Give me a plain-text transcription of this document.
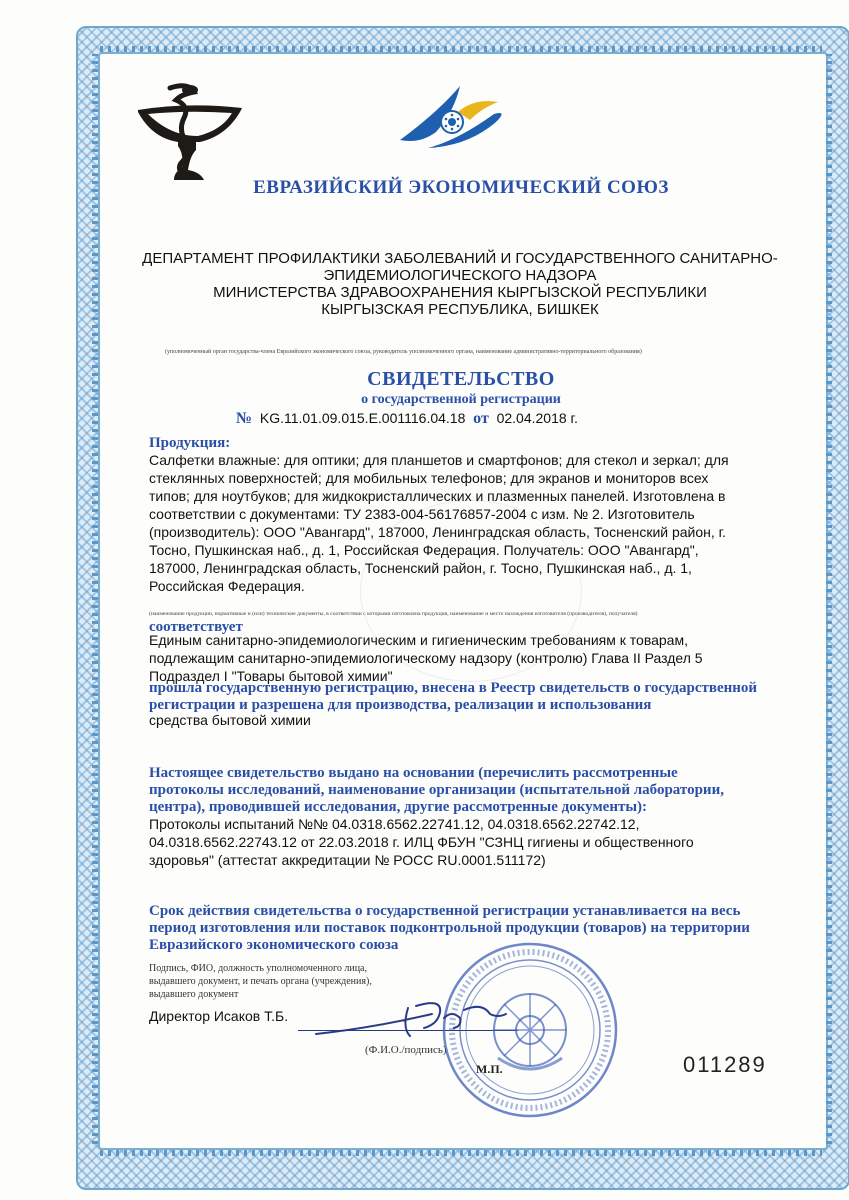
ЕВРАЗИЙСКИЙ ЭКОНОМИЧЕСКИЙ СОЮЗ
ДЕПАРТАМЕНТ ПРОФИЛАКТИКИ ЗАБОЛЕВАНИЙ И ГОСУДАРСТВЕННОГО САНИТАРНО-
ЭПИДЕМИОЛОГИЧЕСКОГО НАДЗОРА
МИНИСТЕРСТВА ЗДРАВООХРАНЕНИЯ КЫРГЫЗСКОЙ РЕСПУБЛИКИ
КЫРГЫЗСКАЯ РЕСПУБЛИКА, БИШКЕК
(уполномоченный орган государства-члена Евразийского экономического союза, руководитель уполномоченного органа, наименование административно-территориального образования)
СВИДЕТЕЛЬСТВО
о государственной регистрации
№ KG.11.01.09.015.Е.001116.04.18 от 02.04.2018 г.
Продукция:
Салфетки влажные: для оптики; для планшетов и смартфонов; для стекол и зеркал; для
стеклянных поверхностей; для мобильных телефонов; для экранов и мониторов всех
типов; для ноутбуков; для жидкокристаллических и плазменных панелей. Изготовлена в
соответствии с документами: ТУ 2383-004-56176857-2004 с изм. № 2. Изготовитель
(производитель): ООО "Авангард", 187000, Ленинградская область, Тосненский район, г.
Тосно, Пушкинская наб., д. 1, Российская Федерация. Получатель: ООО "Авангард",
187000, Ленинградская область, Тосненский район, г. Тосно, Пушкинская наб., д. 1,
Российская Федерация.
(наименование продукции, нормативные и (или) технические документы, в соответствии с которыми изготовлена продукция, наименование и место нахождения изготовителя (производителя), получателя)
соответствует
Единым санитарно-эпидемиологическим и гигиеническим требованиям к товарам,
подлежащим санитарно-эпидемиологическому надзору (контролю) Глава II Раздел 5
Подраздел I "Товары бытовой химии"
прошла государственную регистрацию, внесена в Реестр свидетельств о государственной
регистрации и разрешена для производства, реализации и использования
средства бытовой химии
Настоящее свидетельство выдано на основании (перечислить рассмотренные
протоколы исследований, наименование организации (испытательной лаборатории,
центра), проводившей исследования, другие рассмотренные документы):
Протоколы испытаний №№ 04.0318.6562.22741.12, 04.0318.6562.22742.12,
04.0318.6562.22743.12 от 22.03.2018 г. ИЛЦ ФБУН "СЗНЦ гигиены и общественного
здоровья" (аттестат аккредитации № РОСС RU.0001.511172)
Срок действия свидетельства о государственной регистрации устанавливается на весь
период изготовления или поставок подконтрольной продукции (товаров) на территории
Евразийского экономического союза
Подпись, ФИО, должность уполномоченного лица,
выдавшего документ, и печать органа (учреждения),
выдавшего документ
Директор Исаков Т.Б.
(Ф.И.О./подпись)
М.П.	011289
